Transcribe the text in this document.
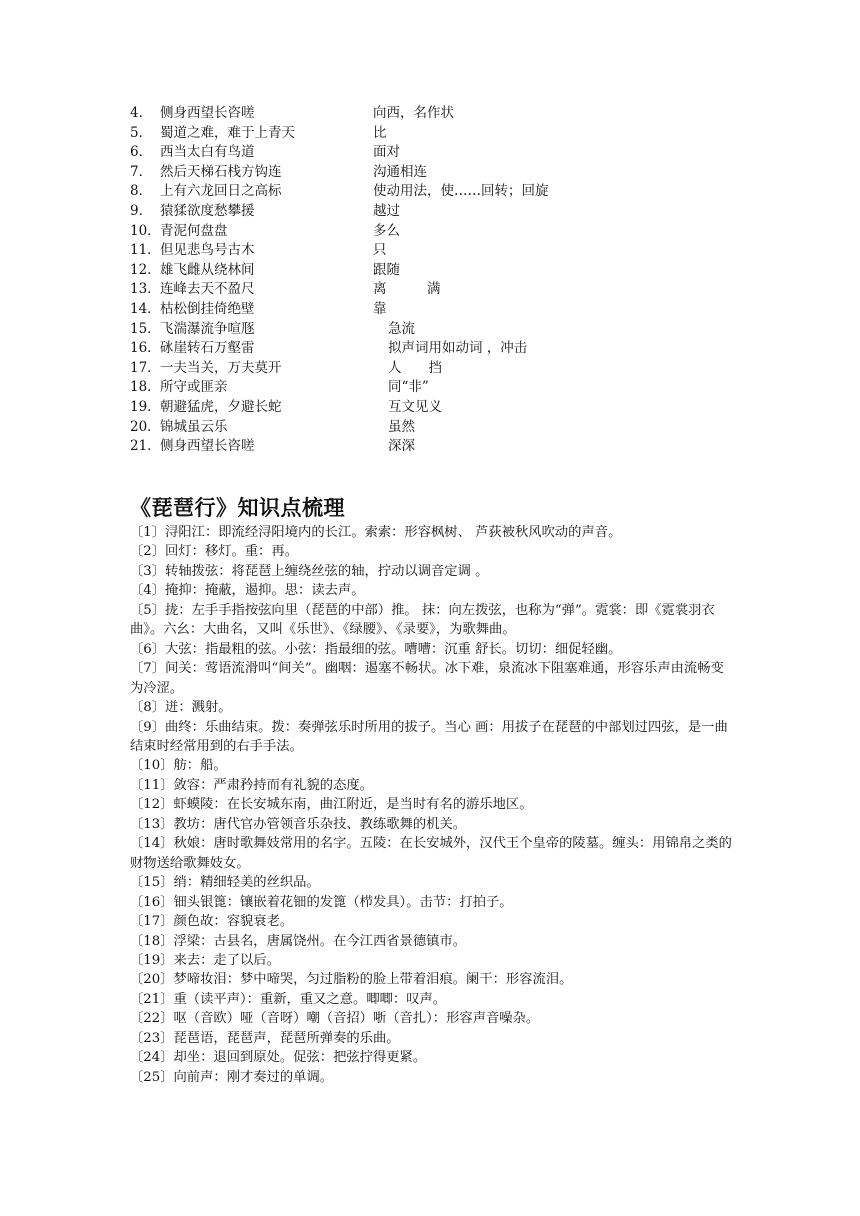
4． 侧身西望长咨嗟	向西，名作状
5． 蜀道之难，难于上青天	比
6． 西当太白有鸟道	面对
7． 然后天梯石栈方钩连	沟通相连
8． 上有六龙回日之高标	使动用法，使……回转；回旋
9． 猿猱欲度愁攀援	越过
10． 青泥何盘盘	多么
11． 但见悲鸟号古木	只
12． 雄飞雌从绕林间	跟随
13． 连峰去天不盈尺	离　　　满
14． 枯松倒挂倚绝壁	靠
15． 飞湍瀑流争喧豗	急流
16． 砯崖转石万壑雷	拟声词用如动词 ，冲击
17． 一夫当关，万夫莫开	人　　挡
18． 所守或匪亲	同“非”
19． 朝避猛虎，夕避长蛇	互文见义
20． 锦城虽云乐	虽然
21． 侧身西望长咨嗟	深深
《琵琶行》知识点梳理
〔1〕浔阳江：即流经浔阳境内的长江。索索：形容枫树、 芦荻被秋风吹动的声音。
〔2〕回灯：移灯。重：再。
〔3〕转轴拨弦：将琵琶上缠绕丝弦的轴，拧动以调音定调 。
〔4〕掩抑：掩蔽，遏抑。思：读去声。
〔5〕拢：左手手指按弦向里（琵琶的中部）推。 抹：向左拨弦，也称为“弹”。霓裳：即《霓裳羽衣曲》。六幺：大曲名，又叫《乐世》、《绿腰》、《录要》，为歌舞曲。
〔6〕大弦：指最粗的弦。小弦：指最细的弦。嘈嘈：沉重 舒长。切切：细促轻幽。
〔7〕间关：莺语流滑叫“间关”。幽咽：遏塞不畅状。冰下难，泉流冰下阻塞难通，形容乐声由流畅变为冷涩。
〔8〕迸：溅射。
〔9〕曲终：乐曲结束。拨：奏弹弦乐时所用的拔子。当心 画：用拔子在琵琶的中部划过四弦，是一曲结束时经常用到的右手手法。
〔10〕舫：船。
〔11〕敛容：严肃矜持而有礼貌的态度。
〔12〕虾蟆陵：在长安城东南，曲江附近，是当时有名的游乐地区。
〔13〕教坊：唐代官办管领音乐杂技、教练歌舞的机关。
〔14〕秋娘：唐时歌舞妓常用的名字。五陵：在长安城外，汉代王个皇帝的陵墓。缠头：用锦帛之类的财物送给歌舞妓女。
〔15〕绡：精细轻美的丝织品。
〔16〕钿头银篦：镶嵌着花钿的发篦（栉发具）。击节：打拍子。
〔17〕颜色故：容貌衰老。
〔18〕浮梁：古县名，唐属饶州。在今江西省景德镇市。
〔19〕来去：走了以后。
〔20〕梦啼妆泪：梦中啼哭，匀过脂粉的脸上带着泪痕。阑干：形容流泪。
〔21〕重（读平声）：重新，重又之意。唧唧：叹声。
〔22〕呕（音欧）哑（音呀）嘲（音招）哳（音扎）：形容声音噪杂。
〔23〕琵琶语，琵琶声，琵琶所弹奏的乐曲。
〔24〕却坐：退回到原处。促弦：把弦拧得更紧。
〔25〕向前声：刚才奏过的单调。
